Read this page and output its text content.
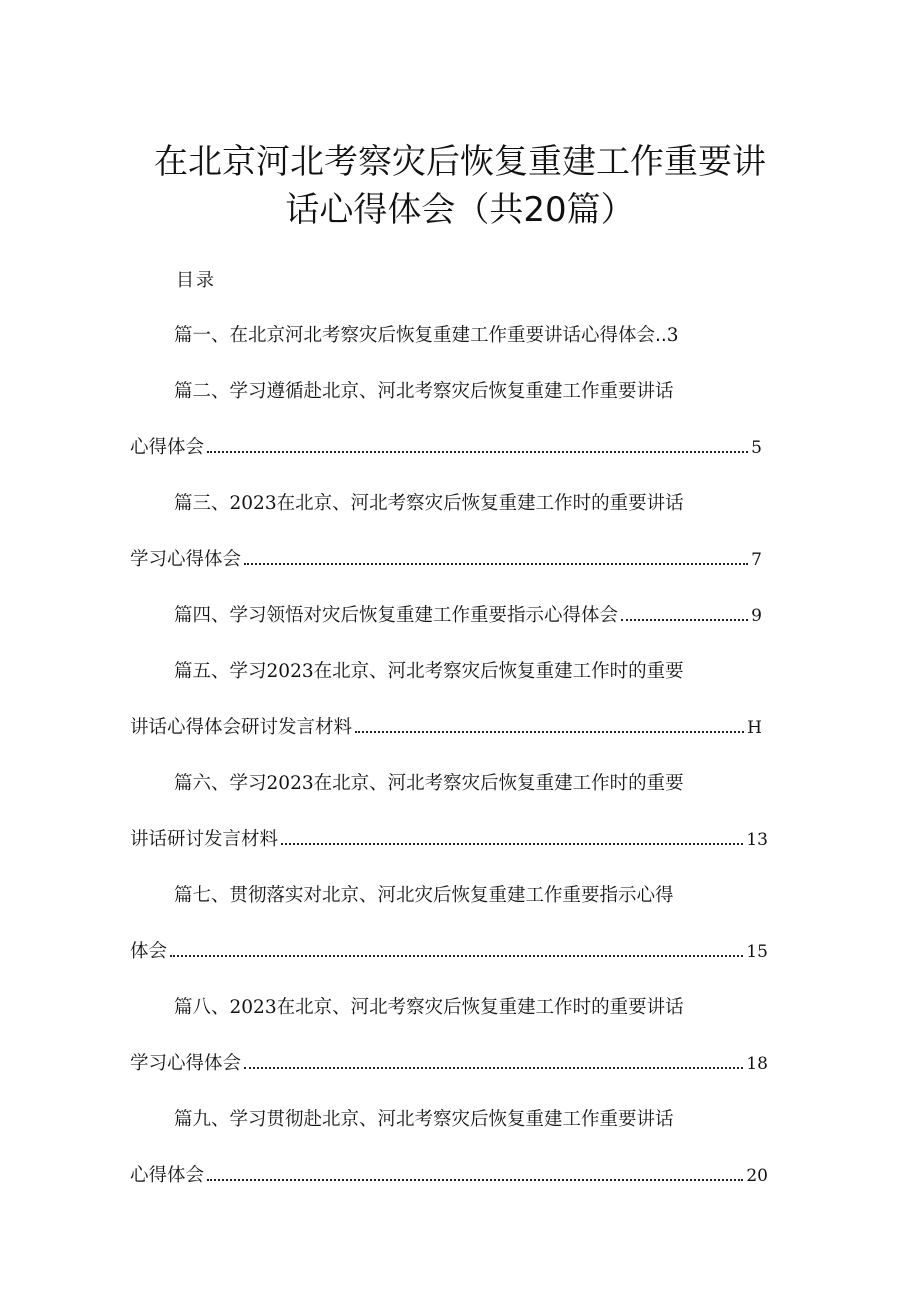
在北京河北考察灾后恢复重建工作重要讲
话心得体会（共20篇）
目录
篇一、在北京河北考察灾后恢复重建工作重要讲话心得体会..3
篇二、学习遵循赴北京、河北考察灾后恢复重建工作重要讲话
心得体会	5
篇三、2023在北京、河北考察灾后恢复重建工作时的重要讲话
学习心得体会	7
篇四、 学习领悟对灾后恢复重建工作重要指示心得体会	9
篇五、学习2023在北京、河北考察灾后恢复重建工作时的重要
讲话心得体会研讨发言材料	H
篇六、学习2023在北京、河北考察灾后恢复重建工作时的重要
讲话研讨发言材料	13
篇七、贯彻落实对北京、河北灾后恢复重建工作重要指示心得
体会	15
篇八、2023在北京、河北考察灾后恢复重建工作时的重要讲话
学习心得体会	18
篇九、学习贯彻赴北京、河北考察灾后恢复重建工作重要讲话
心得体会	20
